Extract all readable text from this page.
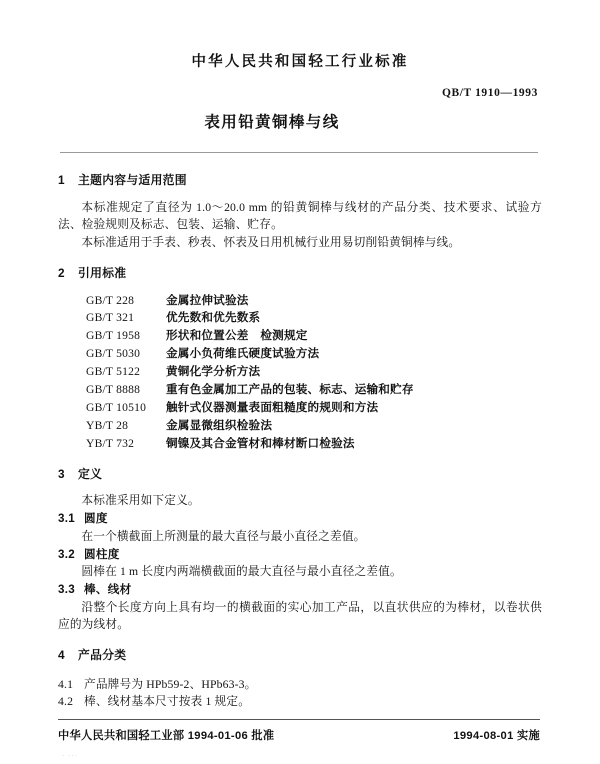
中华人民共和国轻工行业标准
QB/T 1910—1993
表用铅黄铜棒与线
1 主题内容与适用范围

本标准规定了直径为 1.0～20.0 mm 的铅黄铜棒与线材的产品分类、技术要求、试验方法、检验规则及标志、包装、运输、贮存。

本标准适用于手表、秒表、怀表及日用机械行业用易切削铅黄铜棒与线。

2 引用标准
GB/T 228	金属拉伸试验法
GB/T 321	优先数和优先数系
GB/T 1958	形状和位置公差　检测规定
GB/T 5030	金属小负荷维氏硬度试验方法
GB/T 5122	黄铜化学分析方法
GB/T 8888	重有色金属加工产品的包装、标志、运输和贮存
GB/T 10510	触针式仪器测量表面粗糙度的规则和方法
YB/T 28	金属显微组织检验法
YB/T 732	铜镍及其合金管材和棒材断口检验法
3 定义

本标准采用如下定义。

3.1 圆度

在一个横截面上所测量的最大直径与最小直径之差值。

3.2 圆柱度

圆棒在 1 m 长度内两端横截面的最大直径与最小直径之差值。

3.3 棒、线材

沿整个长度方向上具有均一的横截面的实心加工产品，以直状供应的为棒材，以卷状供应的为线材。

4 产品分类

4.1 产品牌号为 HPb59-2、HPb63-3。

4.2 棒、线材基本尺寸按表 1 规定。

中华人民共和国轻工业部 1994-01-06 批准	1994-08-01 实施
· ···
